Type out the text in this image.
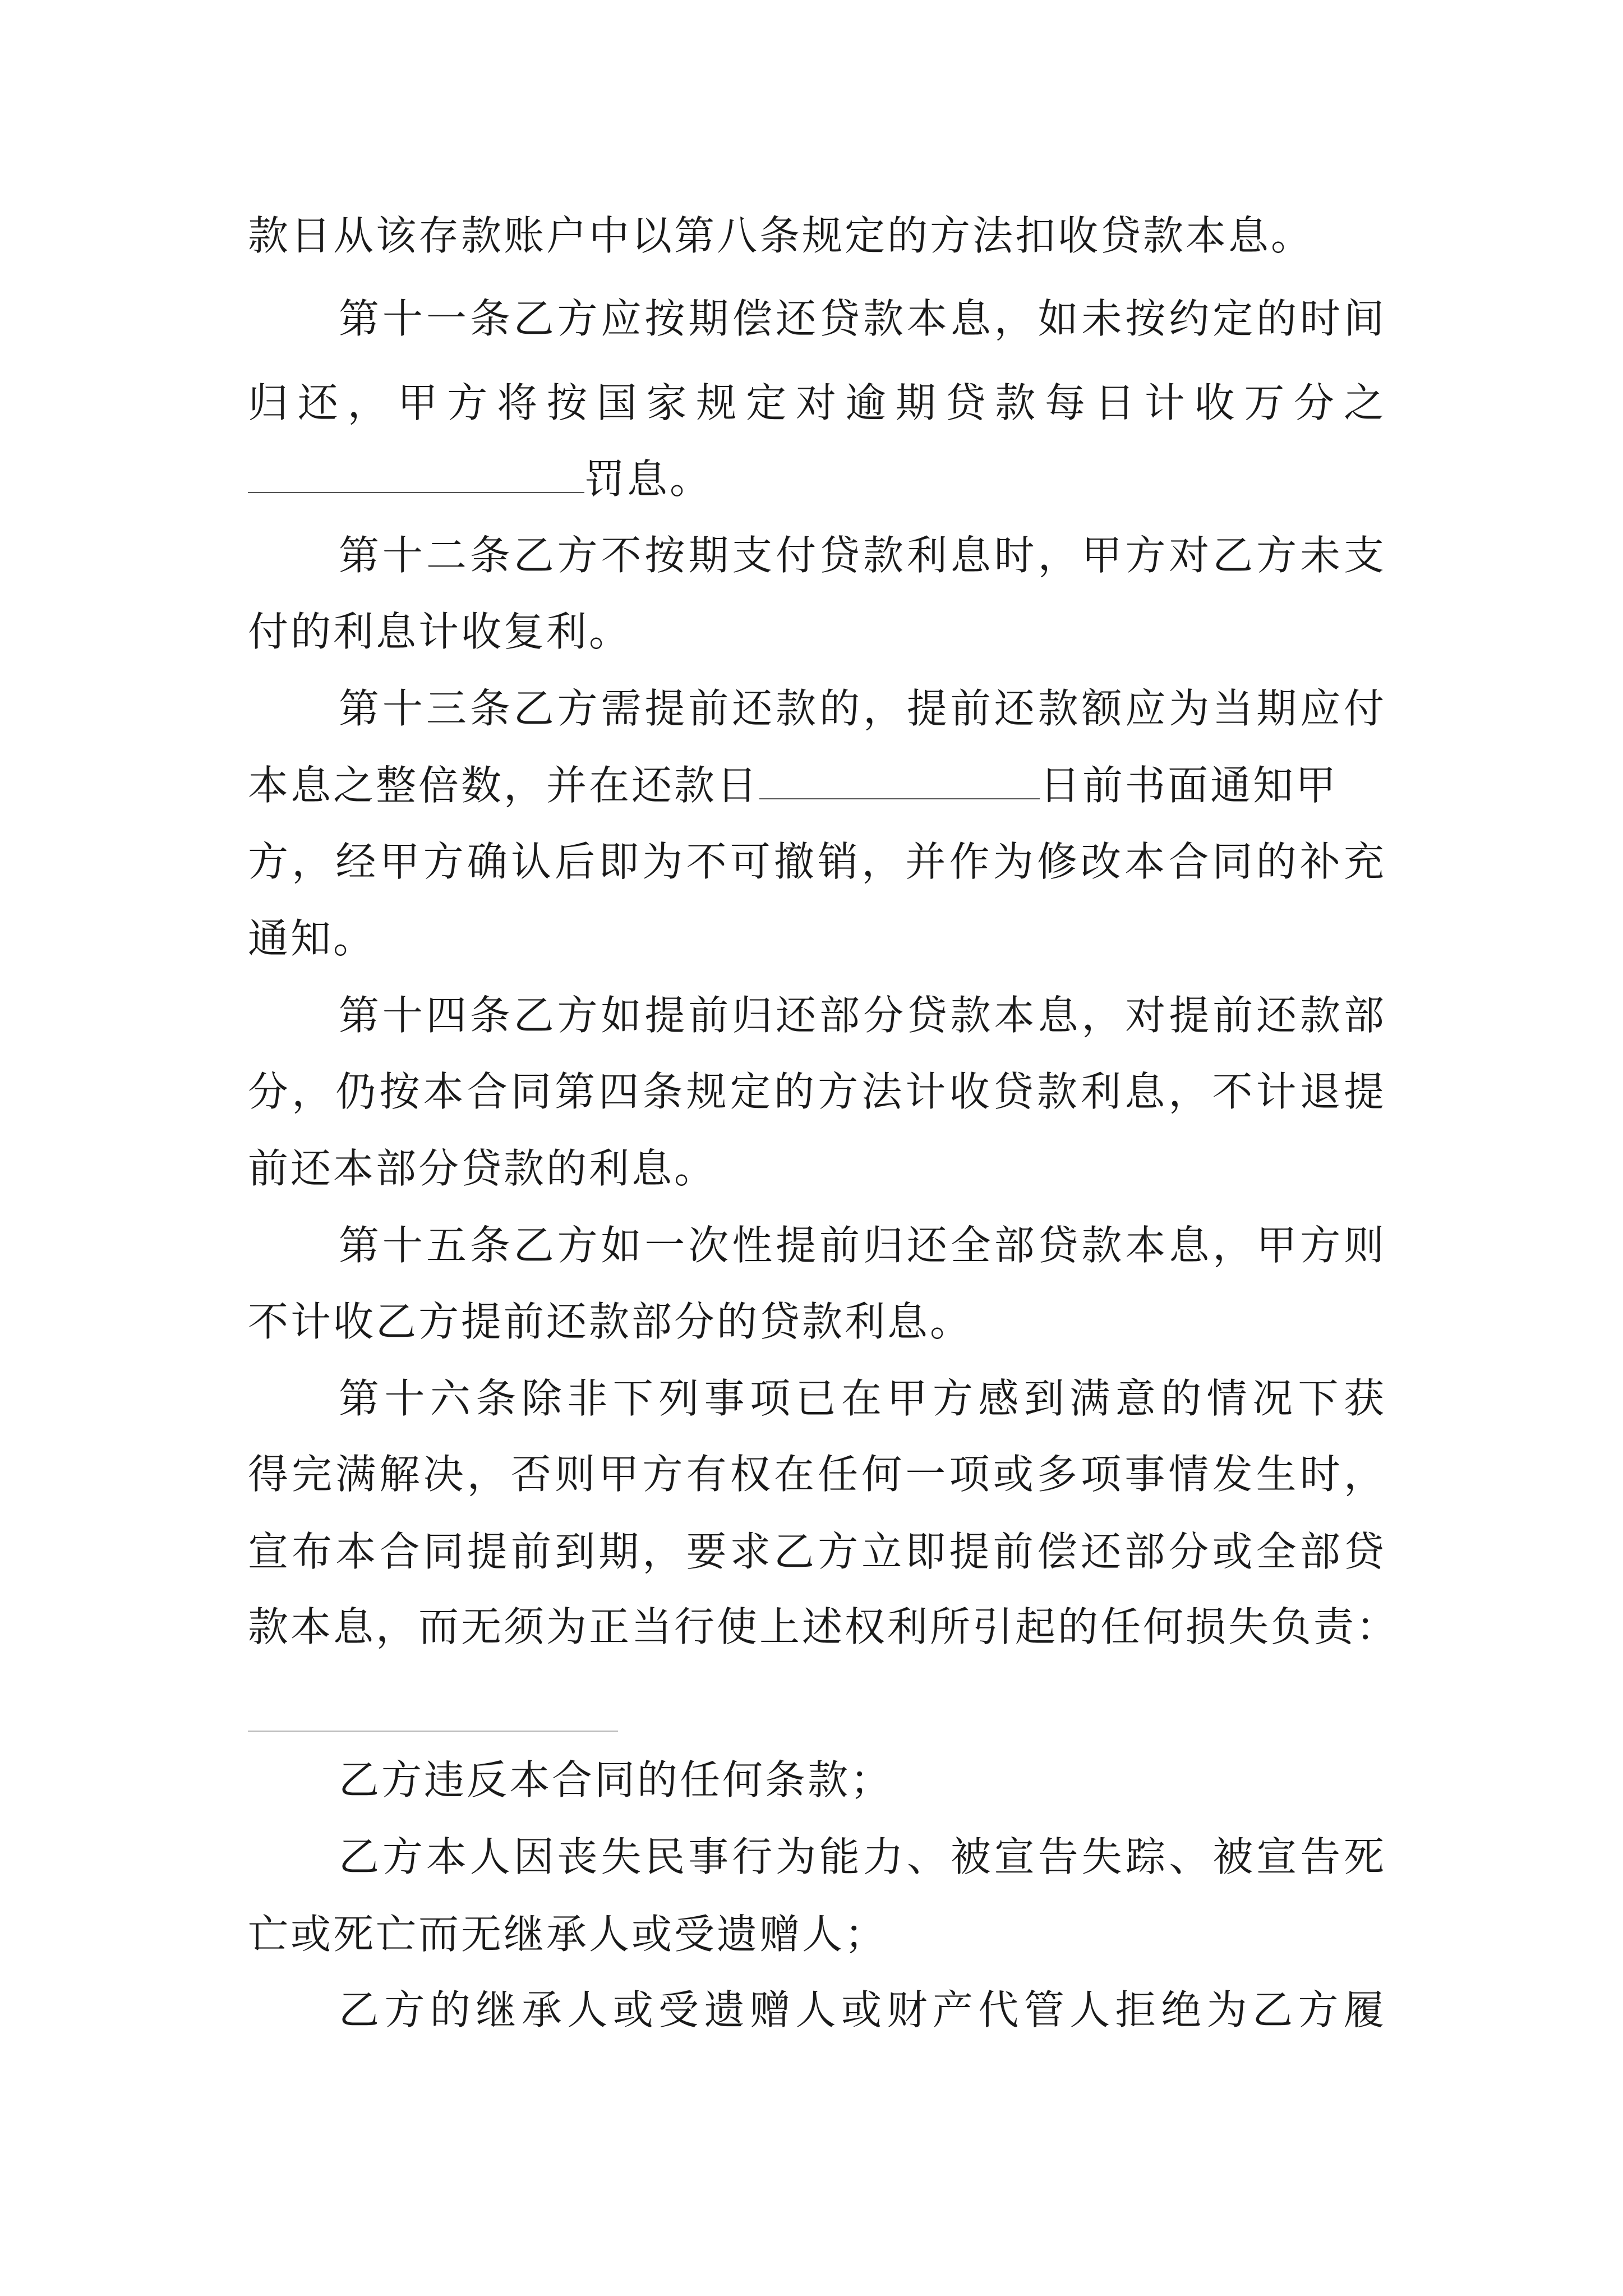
款日从该存款账户中以第八条规定的方法扣收贷款本息。
第十一条乙方应按期偿还贷款本息，如未按约定的时间
归还，甲方将按国家规定对逾期贷款每日计收万分之
罚息。
第十二条乙方不按期支付贷款利息时，甲方对乙方未支
付的利息计收复利。
第十三条乙方需提前还款的，提前还款额应为当期应付
本息之整倍数，并在还款日	日前书面通知甲
方，经甲方确认后即为不可撤销，并作为修改本合同的补充
通知。
第十四条乙方如提前归还部分贷款本息，对提前还款部
分，仍按本合同第四条规定的方法计收贷款利息，不计退提
前还本部分贷款的利息。
第十五条乙方如一次性提前归还全部贷款本息，甲方则
不计收乙方提前还款部分的贷款利息。
第十六条除非下列事项已在甲方感到满意的情况下获
得完满解决，否则甲方有权在任何一项或多项事情发生时，
宣布本合同提前到期，要求乙方立即提前偿还部分或全部贷
款本息，而无须为正当行使上述权利所引起的任何损失负责：
乙方违反本合同的任何条款；
乙方本人因丧失民事行为能力、被宣告失踪、被宣告死
亡或死亡而无继承人或受遗赠人；
乙方的继承人或受遗赠人或财产代管人拒绝为乙方履
